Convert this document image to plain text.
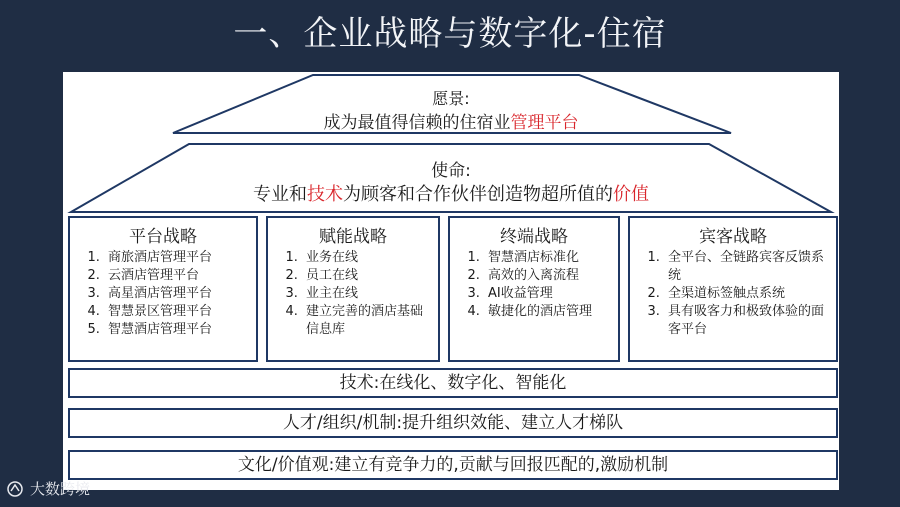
一、企业战略与数字化-住宿
愿景:
成为最值得信赖的住宿业管理平台
使命:
专业和技术为顾客和合作伙伴创造物超所值的价值
平台战略
1. 商旅酒店管理平台
2. 云酒店管理平台
3. 高星酒店管理平台
4. 智慧景区管理平台
5. 智慧酒店管理平台
赋能战略
1. 业务在线
2. 员工在线
3. 业主在线
4. 建立完善的酒店基础信息库
终端战略
1. 智慧酒店标准化
2. 高效的入离流程
3. AI收益管理
4. 敏捷化的酒店管理
宾客战略
1. 全平台、全链路宾客反馈系统
2. 全渠道标签触点系统
3. 具有吸客力和极致体验的面客平台
技术:在线化、数字化、智能化
人才/组织/机制:提升组织效能、建立人才梯队
文化/价值观:建立有竞争力的,贡献与回报匹配的,激励机制
大数跨境
